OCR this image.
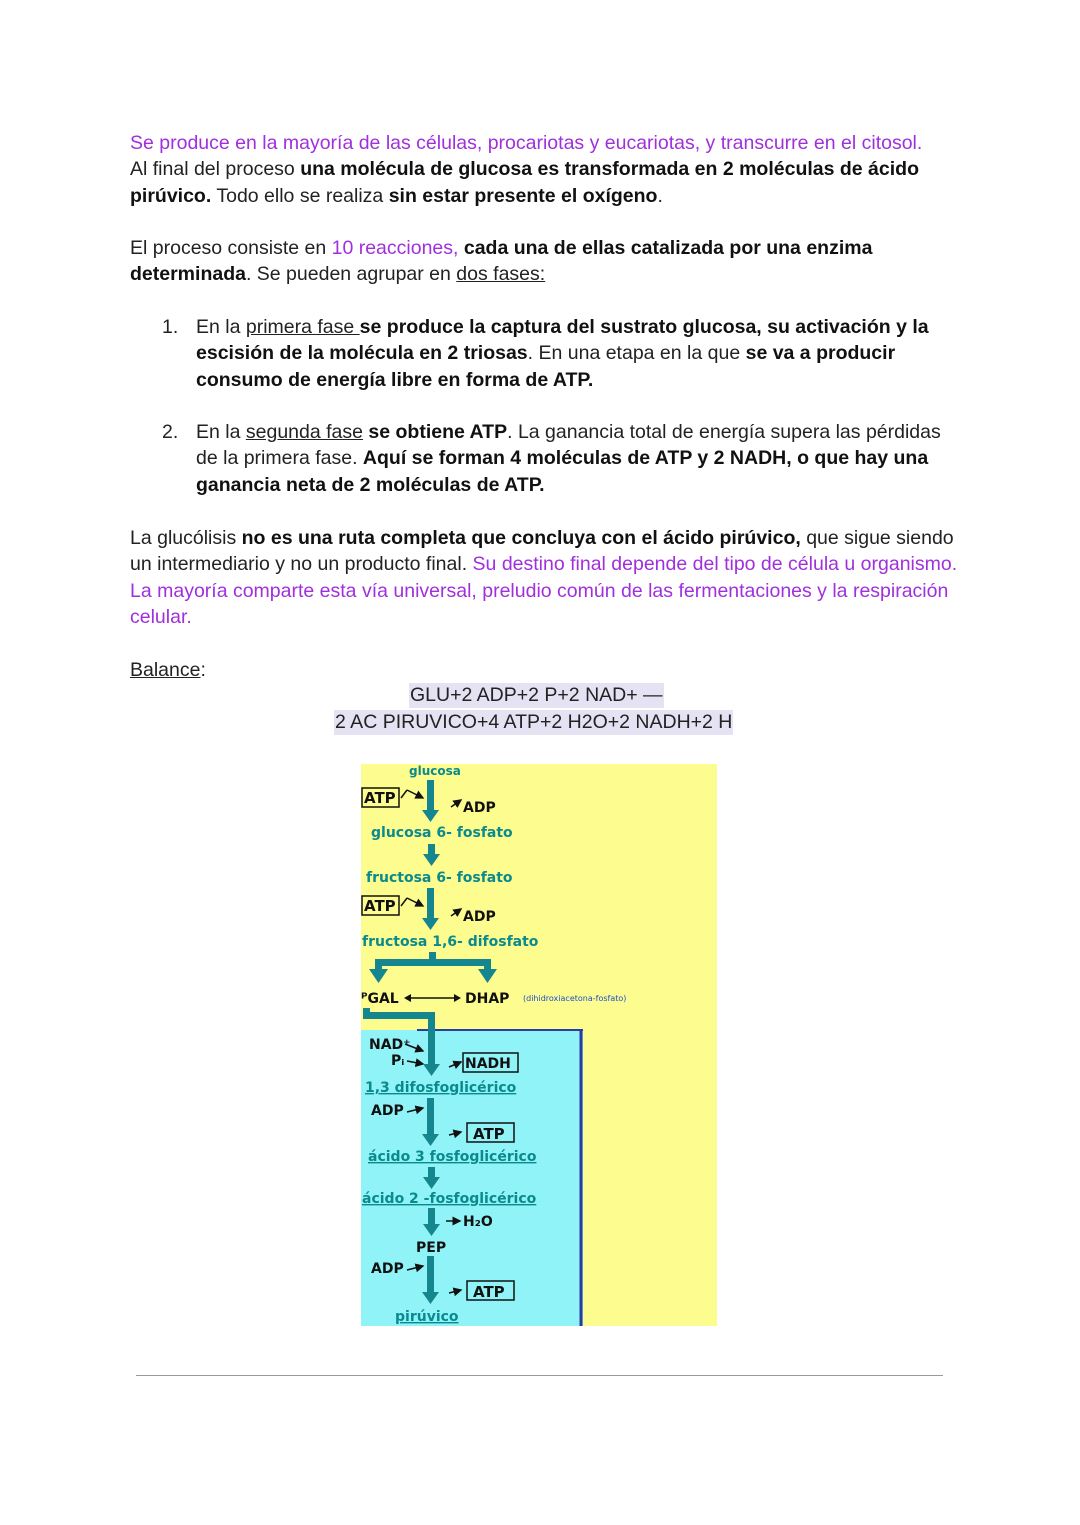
Se produce en la mayoría de las células, procariotas y eucariotas, y transcurre en el citosol.
Al final del proceso una molécula de glucosa es transformada en 2 moléculas de ácido pirúvico. Todo ello se realiza sin estar presente el oxígeno.

El proceso consiste en 10 reacciones, cada una de ellas catalizada por una enzima determinada. Se pueden agrupar en dos fases:

1. En la primera fase se produce la captura del sustrato glucosa, su activación y la escisión de la molécula en 2 triosas. En una etapa en la que se va a producir consumo de energía libre en forma de ATP.
2. En la segunda fase se obtiene ATP. La ganancia total de energía supera las pérdidas de la primera fase. Aquí se forman 4 moléculas de ATP y 2 NADH, o que hay una ganancia neta de 2 moléculas de ATP.

La glucólisis no es una ruta completa que concluya con el ácido pirúvico, que sigue siendo un intermediario y no un producto final. Su destino final depende del tipo de célula u organismo. La mayoría comparte esta vía universal, preludio común de las fermentaciones y la respiración celular.

Balance:
GLU+2 ADP+2 P+2 NAD+ —
2 AC PIRUVICO+4 ATP+2 H2O+2 NADH+2 H
glucosa
ATP
ADP
glucosa 6- fosfato
fructosa 6- fosfato
ATP
ADP
fructosa 1,6- difosfato
ᴾGAL	DHAP (dihidroxiacetona-fosfato)
NAD⁺
Pᵢ	NADH
1,3 difosfoglicérico
ADP
ATP
ácido 3 fosfoglicérico
ácido 2 -fosfoglicérico
H₂O
PEP
ADP
ATP
pirúvico
